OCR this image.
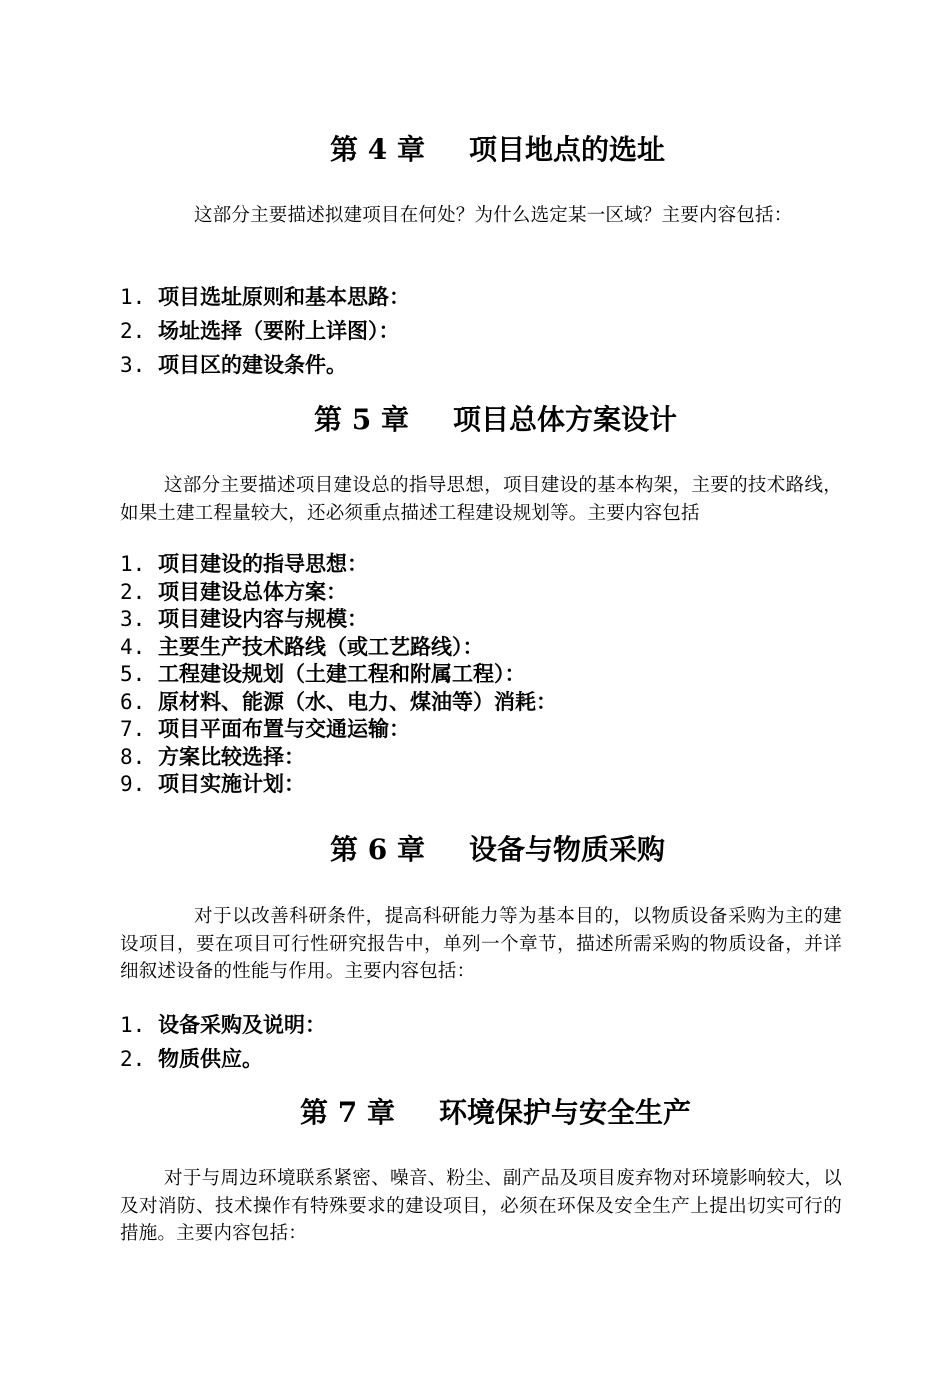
第 4 章 项目地点的选址

这部分主要描述拟建项目在何处？为什么选定某一区域？主要内容包括：

1. 项目选址原则和基本思路：
2. 场址选择（要附上详图）：
3. 项目区的建设条件。
第 5 章 项目总体方案设计

这部分主要描述项目建设总的指导思想，项目建设的基本构架，主要的技术路线，如果土建工程量较大，还必须重点描述工程建设规划等。主要内容包括

1. 项目建设的指导思想：
2. 项目建设总体方案：
3. 项目建设内容与规模：
4. 主要生产技术路线（或工艺路线）：
5. 工程建设规划（土建工程和附属工程）：
6. 原材料、能源（水、电力、煤油等）消耗：
7. 项目平面布置与交通运输：
8. 方案比较选择：
9. 项目实施计划：
第 6 章 设备与物质采购

对于以改善科研条件，提高科研能力等为基本目的，以物质设备采购为主的建设项目，要在项目可行性研究报告中，单列一个章节，描述所需采购的物质设备，并详细叙述设备的性能与作用。主要内容包括：

1. 设备采购及说明：
2. 物质供应。
第 7 章 环境保护与安全生产

对于与周边环境联系紧密、噪音、粉尘、副产品及项目废弃物对环境影响较大，以及对消防、技术操作有特殊要求的建设项目，必须在环保及安全生产上提出切实可行的措施。主要内容包括：
